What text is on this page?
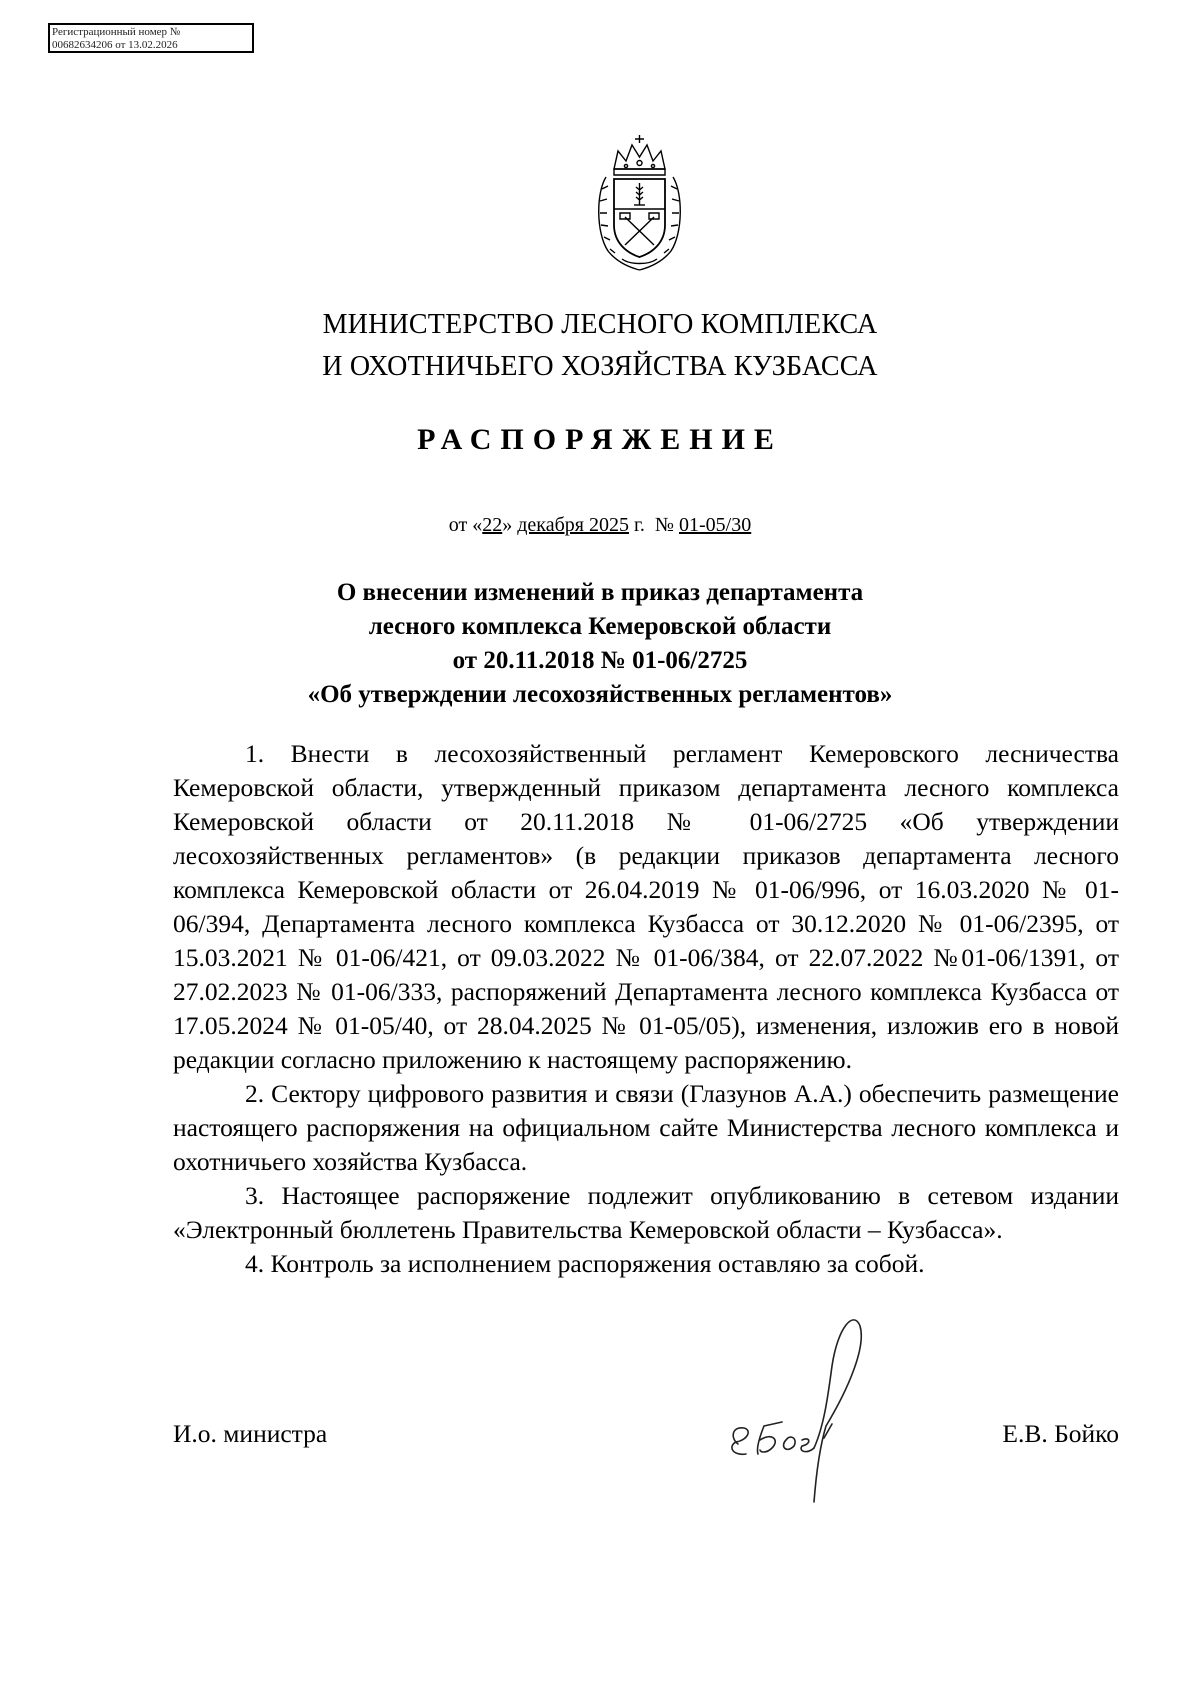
Регистрационный номер №
00682634206 от 13.02.2026
МИНИСТЕРСТВО ЛЕСНОГО КОМПЛЕКСА
И ОХОТНИЧЬЕГО ХОЗЯЙСТВА КУЗБАССА
РАСПОРЯЖЕНИЕ
от «22» декабря 2025 г.  № 01-05/30
О внесении изменений в приказ департамента
лесного комплекса Кемеровской области
от 20.11.2018 № 01-06/2725
«Об утверждении лесохозяйственных регламентов»

1. Внести в лесохозяйственный регламент Кемеровского лесничества Кемеровской области, утвержденный приказом департамента лесного комплекса Кемеровской области от 20.11.2018 № 01-06/2725 «Об утверждении лесохозяйственных регламентов» (в редакции приказов департамента лесного комплекса Кемеровской области от 26.04.2019 № 01-06/996, от 16.03.2020 № 01-06/394, Департамента лесного комплекса Кузбасса от 30.12.2020 № 01-06/2395, от 15.03.2021 № 01-06/421, от 09.03.2022 № 01-06/384, от 22.07.2022 №01-06/1391, от 27.02.2023 № 01-06/333, распоряжений Департамента лесного комплекса Кузбасса от 17.05.2024 № 01-05/40, от 28.04.2025 № 01-05/05), изменения, изложив его в новой редакции согласно приложению к настоящему распоряжению.

2. Сектору цифрового развития и связи (Глазунов А.А.) обеспечить размещение настоящего распоряжения на официальном сайте Министерства лесного комплекса и охотничьего хозяйства Кузбасса.

3. Настоящее распоряжение подлежит опубликованию в сетевом издании «Электронный бюллетень Правительства Кемеровской области – Кузбасса».

4. Контроль за исполнением распоряжения оставляю за собой.

И.о. министра	Е.В. Бойко
